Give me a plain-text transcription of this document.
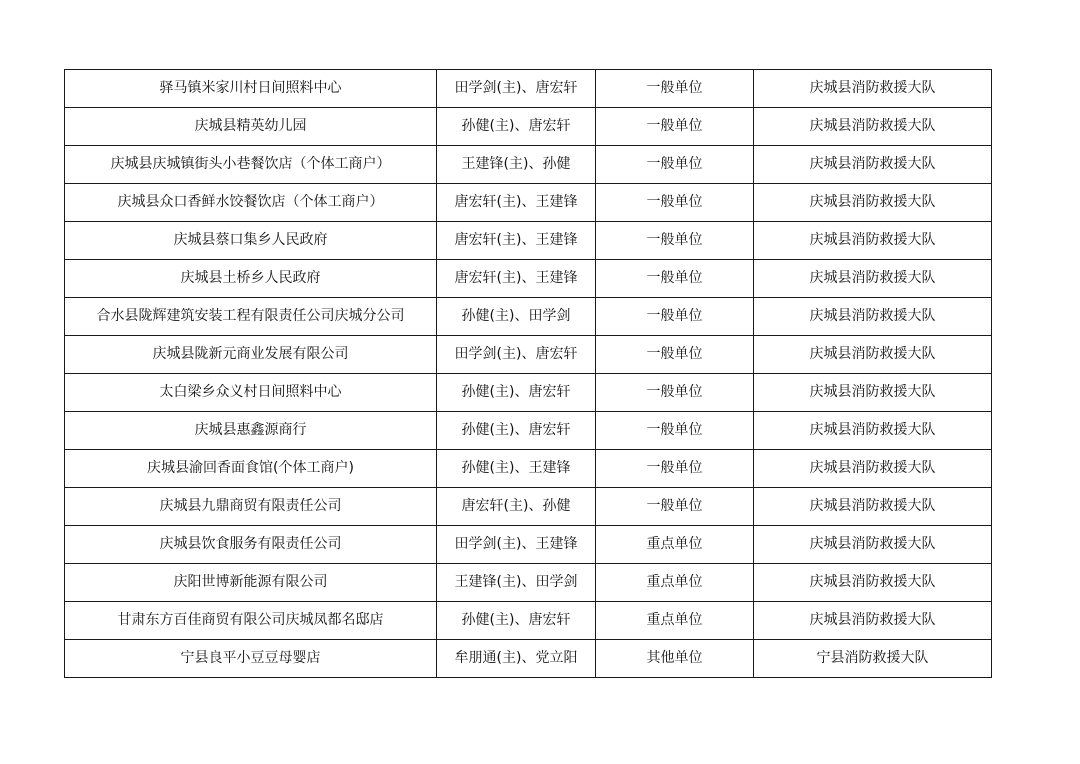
驿马镇米家川村日间照料中心	田学剑(主)、唐宏轩	一般单位	庆城县消防救援大队
庆城县精英幼儿园	孙健(主)、唐宏轩	一般单位	庆城县消防救援大队
庆城县庆城镇街头小巷餐饮店（个体工商户）	王建锋(主)、孙健	一般单位	庆城县消防救援大队
庆城县众口香鲜水饺餐饮店（个体工商户）	唐宏轩(主)、王建锋	一般单位	庆城县消防救援大队
庆城县蔡口集乡人民政府	唐宏轩(主)、王建锋	一般单位	庆城县消防救援大队
庆城县土桥乡人民政府	唐宏轩(主)、王建锋	一般单位	庆城县消防救援大队
合水县陇辉建筑安装工程有限责任公司庆城分公司	孙健(主)、田学剑	一般单位	庆城县消防救援大队
庆城县陇新元商业发展有限公司	田学剑(主)、唐宏轩	一般单位	庆城县消防救援大队
太白梁乡众义村日间照料中心	孙健(主)、唐宏轩	一般单位	庆城县消防救援大队
庆城县惠鑫源商行	孙健(主)、唐宏轩	一般单位	庆城县消防救援大队
庆城县渝回香面食馆(个体工商户)	孙健(主)、王建锋	一般单位	庆城县消防救援大队
庆城县九鼎商贸有限责任公司	唐宏轩(主)、孙健	一般单位	庆城县消防救援大队
庆城县饮食服务有限责任公司	田学剑(主)、王建锋	重点单位	庆城县消防救援大队
庆阳世博新能源有限公司	王建锋(主)、田学剑	重点单位	庆城县消防救援大队
甘肃东方百佳商贸有限公司庆城凤都名邸店	孙健(主)、唐宏轩	重点单位	庆城县消防救援大队
宁县良平小豆豆母婴店	牟朋通(主)、党立阳	其他单位	宁县消防救援大队
